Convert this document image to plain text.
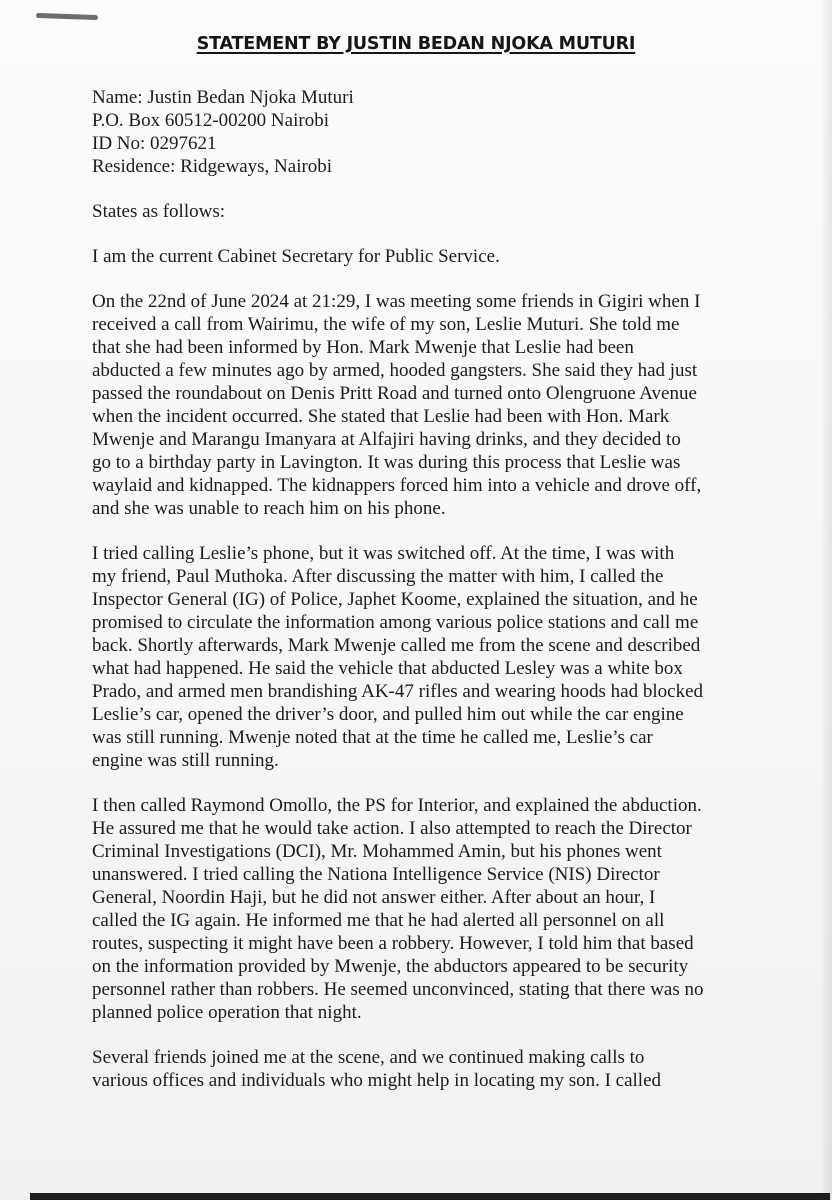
STATEMENT BY JUSTIN BEDAN NJOKA MUTURI
Name: Justin Bedan Njoka Muturi
P.O. Box 60512-00200 Nairobi
ID No: 0297621
Residence: Ridgeways, Nairobi
States as follows:
I am the current Cabinet Secretary for Public Service.
On the 22nd of June 2024 at 21:29, I was meeting some friends in Gigiri when I
received a call from Wairimu, the wife of my son, Leslie Muturi. She told me
that she had been informed by Hon. Mark Mwenje that Leslie had been
abducted a few minutes ago by armed, hooded gangsters. She said they had just
passed the roundabout on Denis Pritt Road and turned onto Olengruone Avenue
when the incident occurred. She stated that Leslie had been with Hon. Mark
Mwenje and Marangu Imanyara at Alfajiri having drinks, and they decided to
go to a birthday party in Lavington. It was during this process that Leslie was
waylaid and kidnapped. The kidnappers forced him into a vehicle and drove off,
and she was unable to reach him on his phone.
I tried calling Leslie’s phone, but it was switched off. At the time, I was with
my friend, Paul Muthoka. After discussing the matter with him, I called the
Inspector General (IG) of Police, Japhet Koome, explained the situation, and he
promised to circulate the information among various police stations and call me
back. Shortly afterwards, Mark Mwenje called me from the scene and described
what had happened. He said the vehicle that abducted Lesley was a white box
Prado, and armed men brandishing AK-47 rifles and wearing hoods had blocked
Leslie’s car, opened the driver’s door, and pulled him out while the car engine
was still running. Mwenje noted that at the time he called me, Leslie’s car
engine was still running.
I then called Raymond Omollo, the PS for Interior, and explained the abduction.
He assured me that he would take action. I also attempted to reach the Director
Criminal Investigations (DCI), Mr. Mohammed Amin, but his phones went
unanswered. I tried calling the Nationa Intelligence Service (NIS) Director
General, Noordin Haji, but he did not answer either. After about an hour, I
called the IG again. He informed me that he had alerted all personnel on all
routes, suspecting it might have been a robbery. However, I told him that based
on the information provided by Mwenje, the abductors appeared to be security
personnel rather than robbers. He seemed unconvinced, stating that there was no
planned police operation that night.
Several friends joined me at the scene, and we continued making calls to
various offices and individuals who might help in locating my son. I called
